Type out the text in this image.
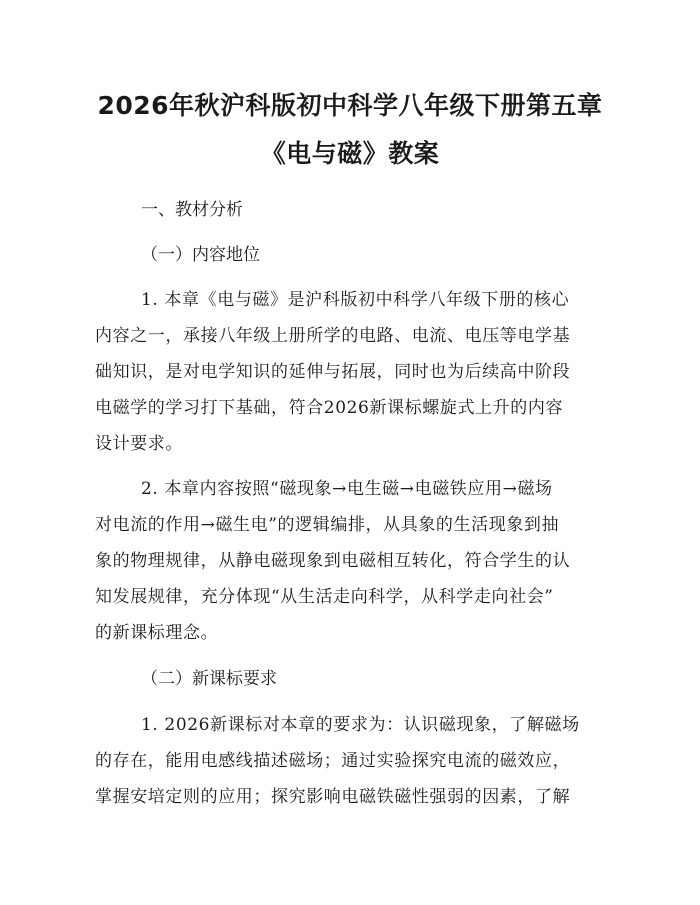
2026年秋沪科版初中科学八年级下册第五章
《电与磁》教案
一、教材分析
（一）内容地位
1. 本章《电与磁》是沪科版初中科学八年级下册的核心
内容之一，承接八年级上册所学的电路、电流、电压等电学基
础知识，是对电学知识的延伸与拓展，同时也为后续高中阶段
电磁学的学习打下基础，符合2026新课标螺旋式上升的内容
设计要求。
2. 本章内容按照“磁现象→电生磁→电磁铁应用→磁场
对电流的作用→磁生电”的逻辑编排，从具象的生活现象到抽
象的物理规律，从静电磁现象到电磁相互转化，符合学生的认
知发展规律，充分体现“从生活走向科学，从科学走向社会”
的新课标理念。
（二）新课标要求
1. 2026新课标对本章的要求为：认识磁现象，了解磁场
的存在，能用电感线描述磁场；通过实验探究电流的磁效应，
掌握安培定则的应用；探究影响电磁铁磁性强弱的因素，了解
